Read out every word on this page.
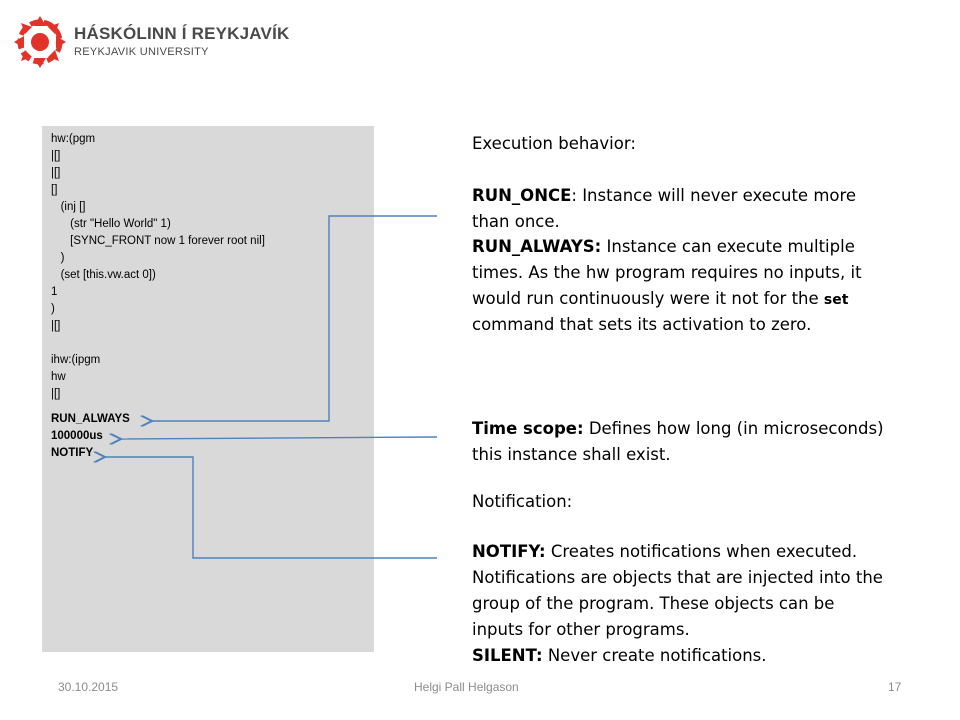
HÁSKÓLINN Í REYKJAVÍK
REYKJAVIK UNIVERSITY
hw:(pgm
|[]
|[]
[]
(inj []
(str "Hello World" 1)
[SYNC_FRONT now 1 forever root nil]
)
(set [this.vw.act 0])
1
)
|[]
ihw:(ipgm
hw
|[]
RUN_ALWAYS
100000us
NOTIFY
Execution behavior:
RUN_ONCE: Instance will never execute more
than once.
RUN_ALWAYS: Instance can execute multiple
times. As the hw program requires no inputs, it
would run continuously were it not for the set
command that sets its activation to zero.
Time scope: Defines how long (in microseconds)
this instance shall exist.
Notification:
NOTIFY: Creates notifications when executed.
Notifications are objects that are injected into the
group of the program. These objects can be
inputs for other programs.
SILENT: Never create notifications.
30.10.2015	Helgi Pall Helgason	17
